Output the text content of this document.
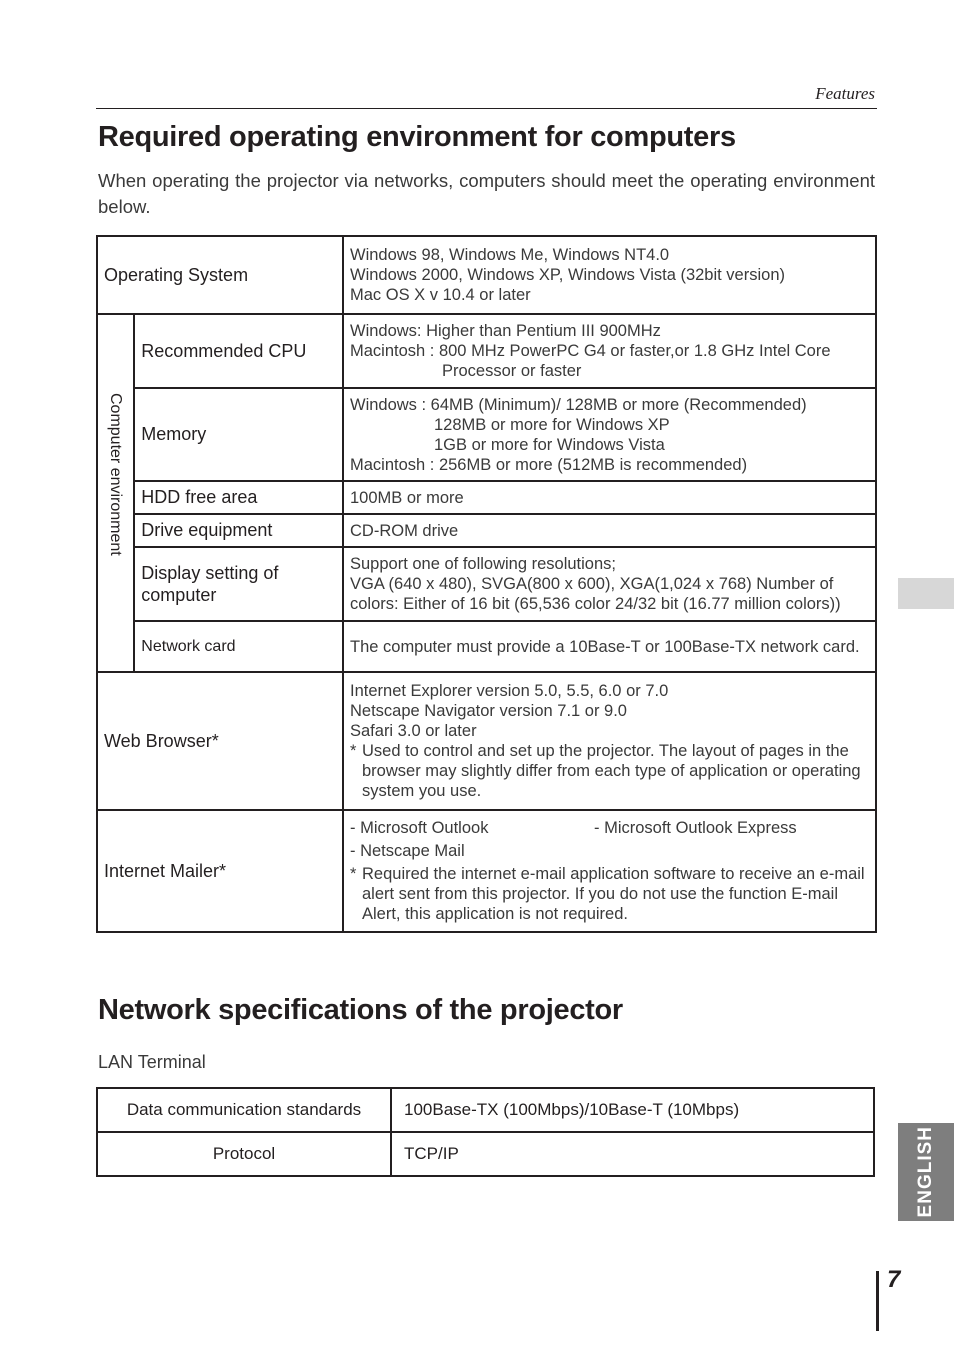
Features
Required operating environment for computers

When operating the projector via networks, computers should meet the operating environment below.

Operating System		Windows 98, Windows Me, Windows NT4.0
Windows 2000, Windows XP, Windows Vista (32bit version)
Mac OS X v 10.4 or later

Computer environment	Recommended CPU	Windows: Higher than Pentium III 900MHz
Macintosh : 800 MHz PowerPC G4 or faster,or 1.8 GHz Intel Core
Processor or faster

	Memory	Windows : 64MB (Minimum)/ 128MB or more (Recommended)
128MB or more for Windows XP
1GB or more for Windows Vista
Macintosh : 256MB or more (512MB is recommended)

	HDD free area	100MB or more
	Drive equipment	CD-ROM drive
	Display setting of computer	Support one of following resolutions;
VGA (640 x 480), SVGA(800 x 600), XGA(1,024 x 768) Number of colors: Either of 16 bit (65,536 color 24/32 bit (16.77 million colors))

	Network card	The computer must provide a 10Base-T or 100Base-TX network card.
Web Browser*		Internet Explorer version 5.0, 5.5, 6.0 or 7.0
Netscape Navigator version 7.1 or 9.0
Safari 3.0 or later
* Used to control and set up the projector. The layout of pages in the browser may slightly differ from each type of application or operating system you use.

Internet Mailer*		- Microsoft Outlook - Microsoft Outlook Express
- Netscape Mail
* Required the internet e-mail application software to receive an e-mail alert sent from this projector. If you do not use the function E-mail Alert, this application is not required.
Network specifications of the projector
LAN Terminal
Data communication standards	100Base-TX (100Mbps)/10Base-T (10Mbps)
Protocol	TCP/IP	ENGLISH
7
